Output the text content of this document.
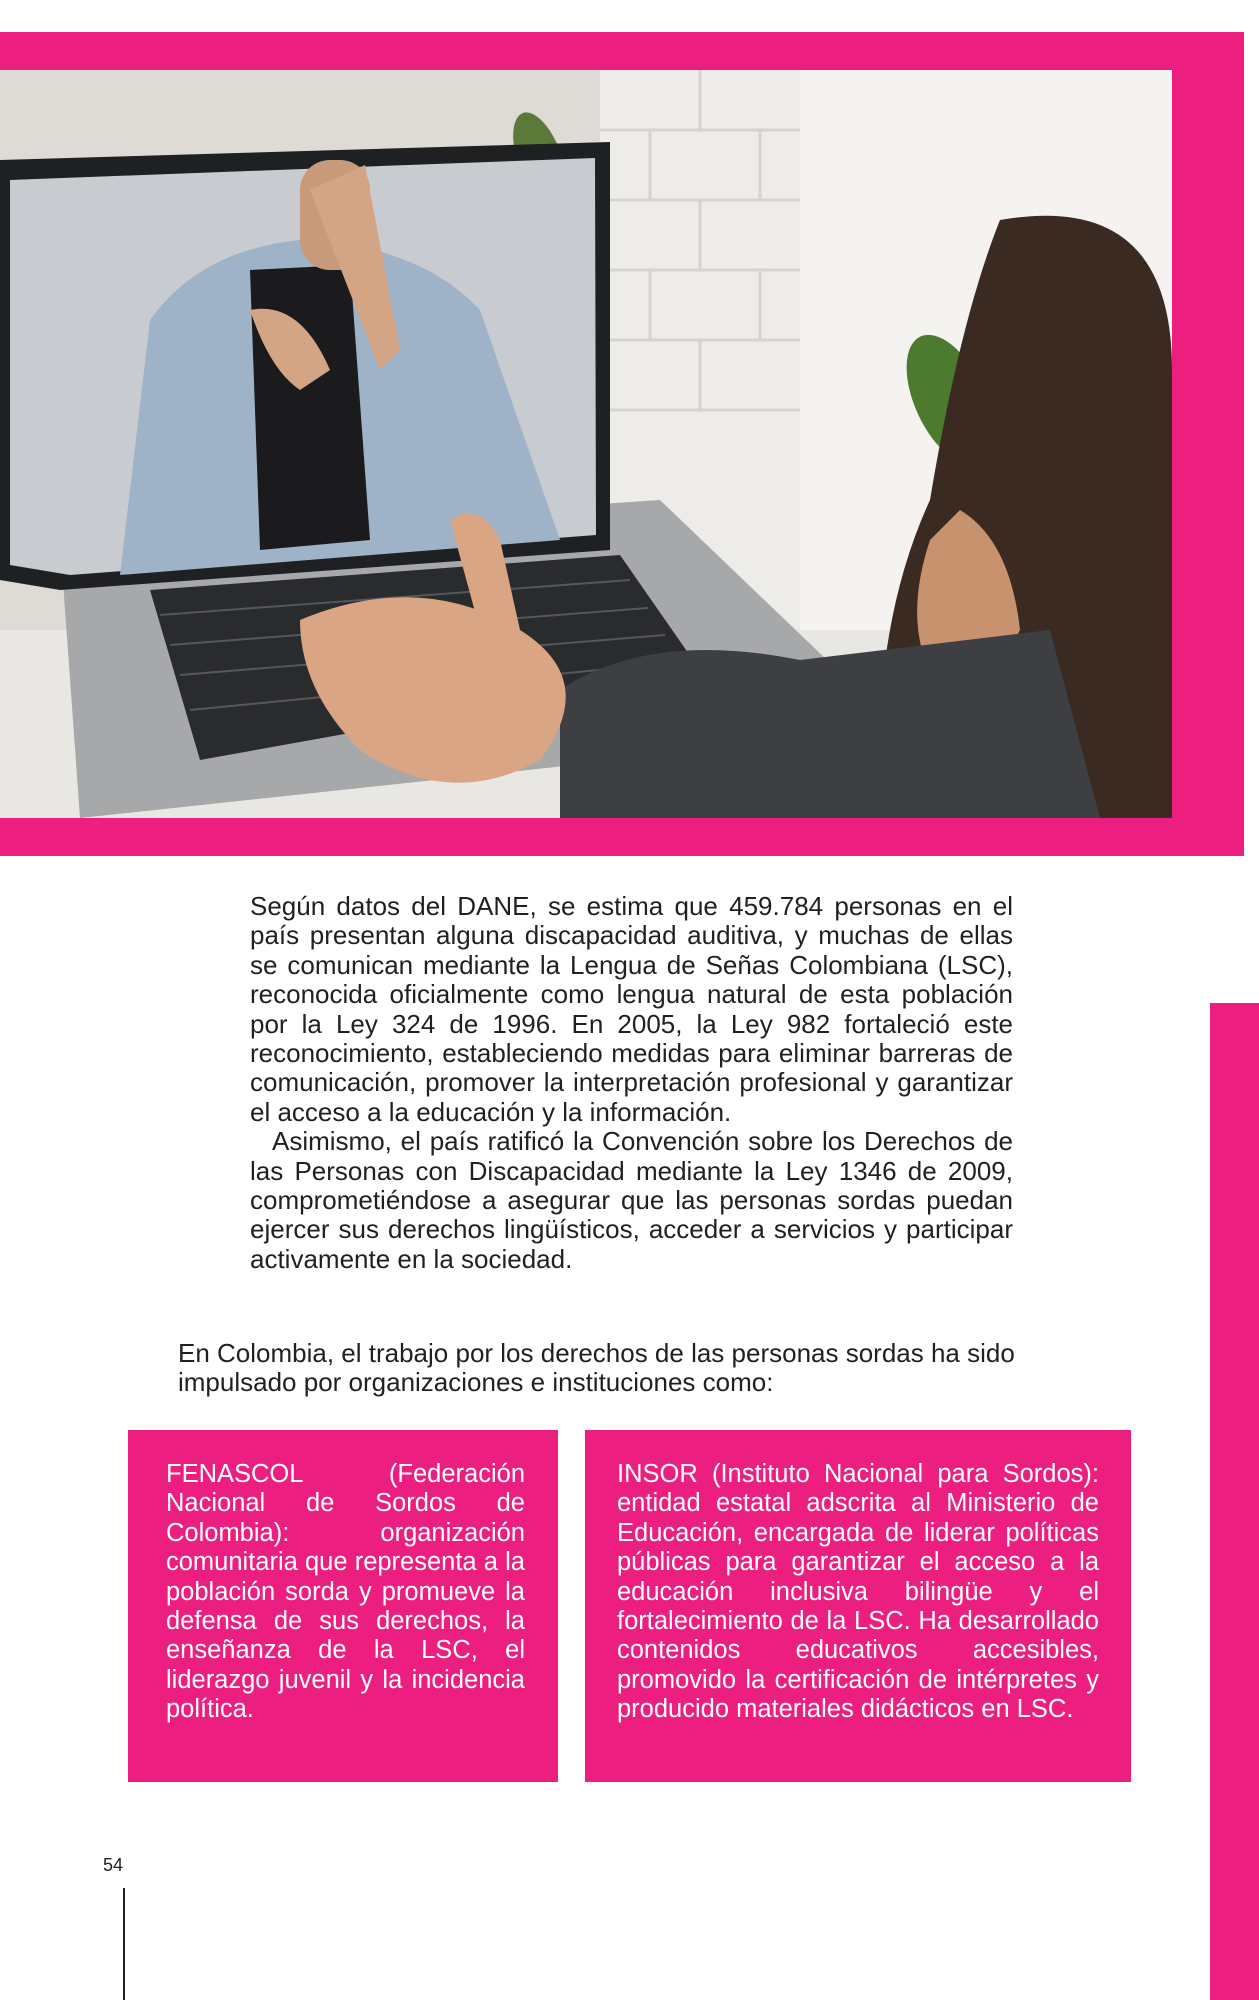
Según datos del DANE, se estima que 459.784 personas en el país presentan alguna discapacidad auditiva, y muchas de ellas se comunican mediante la Lengua de Señas Colombiana (LSC), reconocida oficialmente como lengua natural de esta población por la Ley 324 de 1996. En 2005, la Ley 982 fortaleció este reconocimiento, estableciendo medidas para eliminar barreras de comunicación, promover la interpretación profesional y garantizar el acceso a la educación y la información.

Asimismo, el país ratificó la Convención sobre los Derechos de las Personas con Discapacidad mediante la Ley 1346 de 2009, comprometiéndose a asegurar que las personas sordas puedan ejercer sus derechos lingüísticos, acceder a servicios y participar activamente en la sociedad.

En Colombia, el trabajo por los derechos de las personas sordas ha sido impulsado por organizaciones e instituciones como:

FENASCOL (Federación Nacional de Sordos de Colombia): organización comunitaria que representa a la población sorda y promueve la defensa de sus derechos, la enseñanza de la LSC, el liderazgo juvenil y la incidencia política.

INSOR (Instituto Nacional para Sordos): entidad estatal adscrita al Ministerio de Educación, encargada de liderar políticas públicas para garantizar el acceso a la educación inclusiva bilingüe y el fortalecimiento de la LSC. Ha desarrollado contenidos educativos accesibles, promovido la certificación de intérpretes y producido materiales didácticos en LSC.

54
